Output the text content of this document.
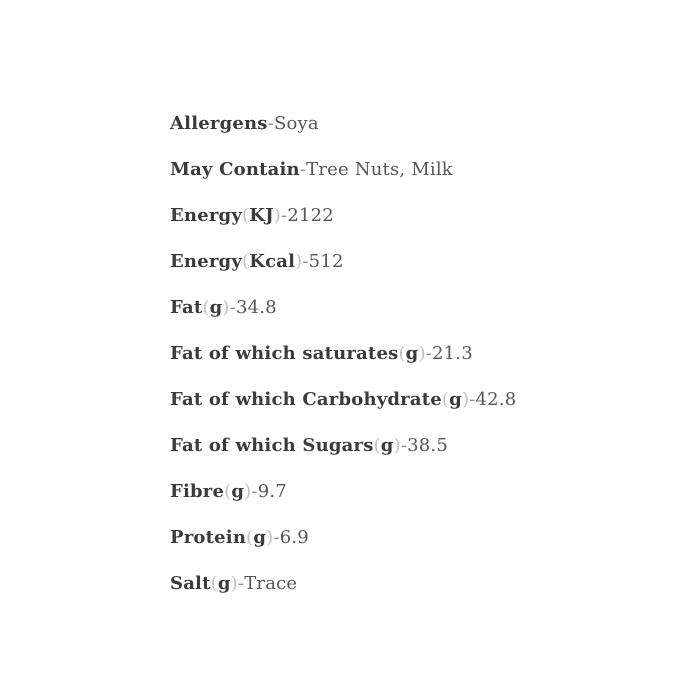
Allergens - Soya
May Contain - Tree Nuts, Milk
Energy (KJ) - 2122
Energy (Kcal) - 512
Fat (g) - 34.8
Fat of which saturates (g) - 21.3
Fat of which Carbohydrate (g) - 42.8
Fat of which Sugars (g) - 38.5
Fibre (g) - 9.7
Protein (g) - 6.9
Salt (g) - Trace
